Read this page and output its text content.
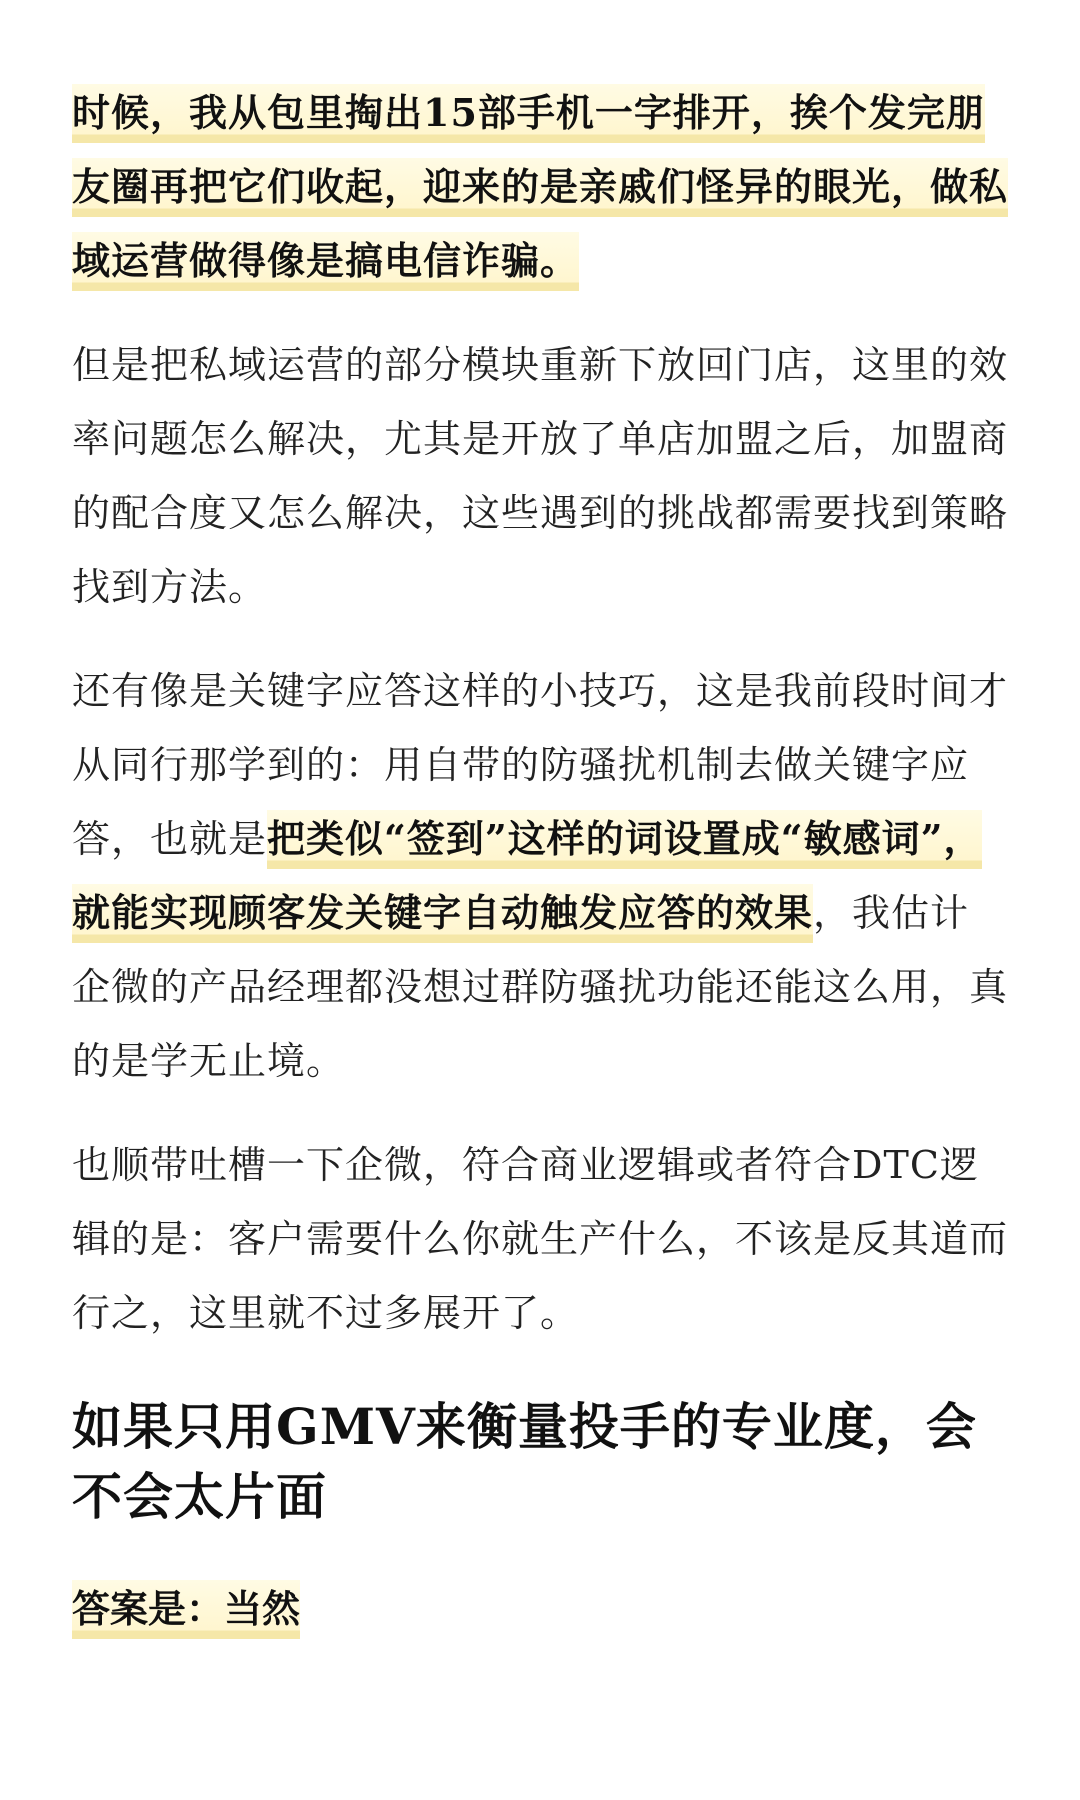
时候，我从包里掏出15部手机一字排开，挨个发完朋友圈再把它们收起，迎来的是亲戚们怪异的眼光，做私域运营做得像是搞电信诈骗。

但是把私域运营的部分模块重新下放回门店，这里的效率问题怎么解决，尤其是开放了单店加盟之后，加盟商的配合度又怎么解决，这些遇到的挑战都需要找到策略找到方法。

还有像是关键字应答这样的小技巧，这是我前段时间才从同行那学到的：用自带的防骚扰机制去做关键字应答，也就是把类似“签到”这样的词设置成“敏感词”，就能实现顾客发关键字自动触发应答的效果，我估计企微的产品经理都没想过群防骚扰功能还能这么用，真的是学无止境。

也顺带吐槽一下企微，符合商业逻辑或者符合DTC逻辑的是：客户需要什么你就生产什么，不该是反其道而行之，这里就不过多展开了。

如果只用GMV来衡量投手的专业度，会不会太片面
答案是：当然
